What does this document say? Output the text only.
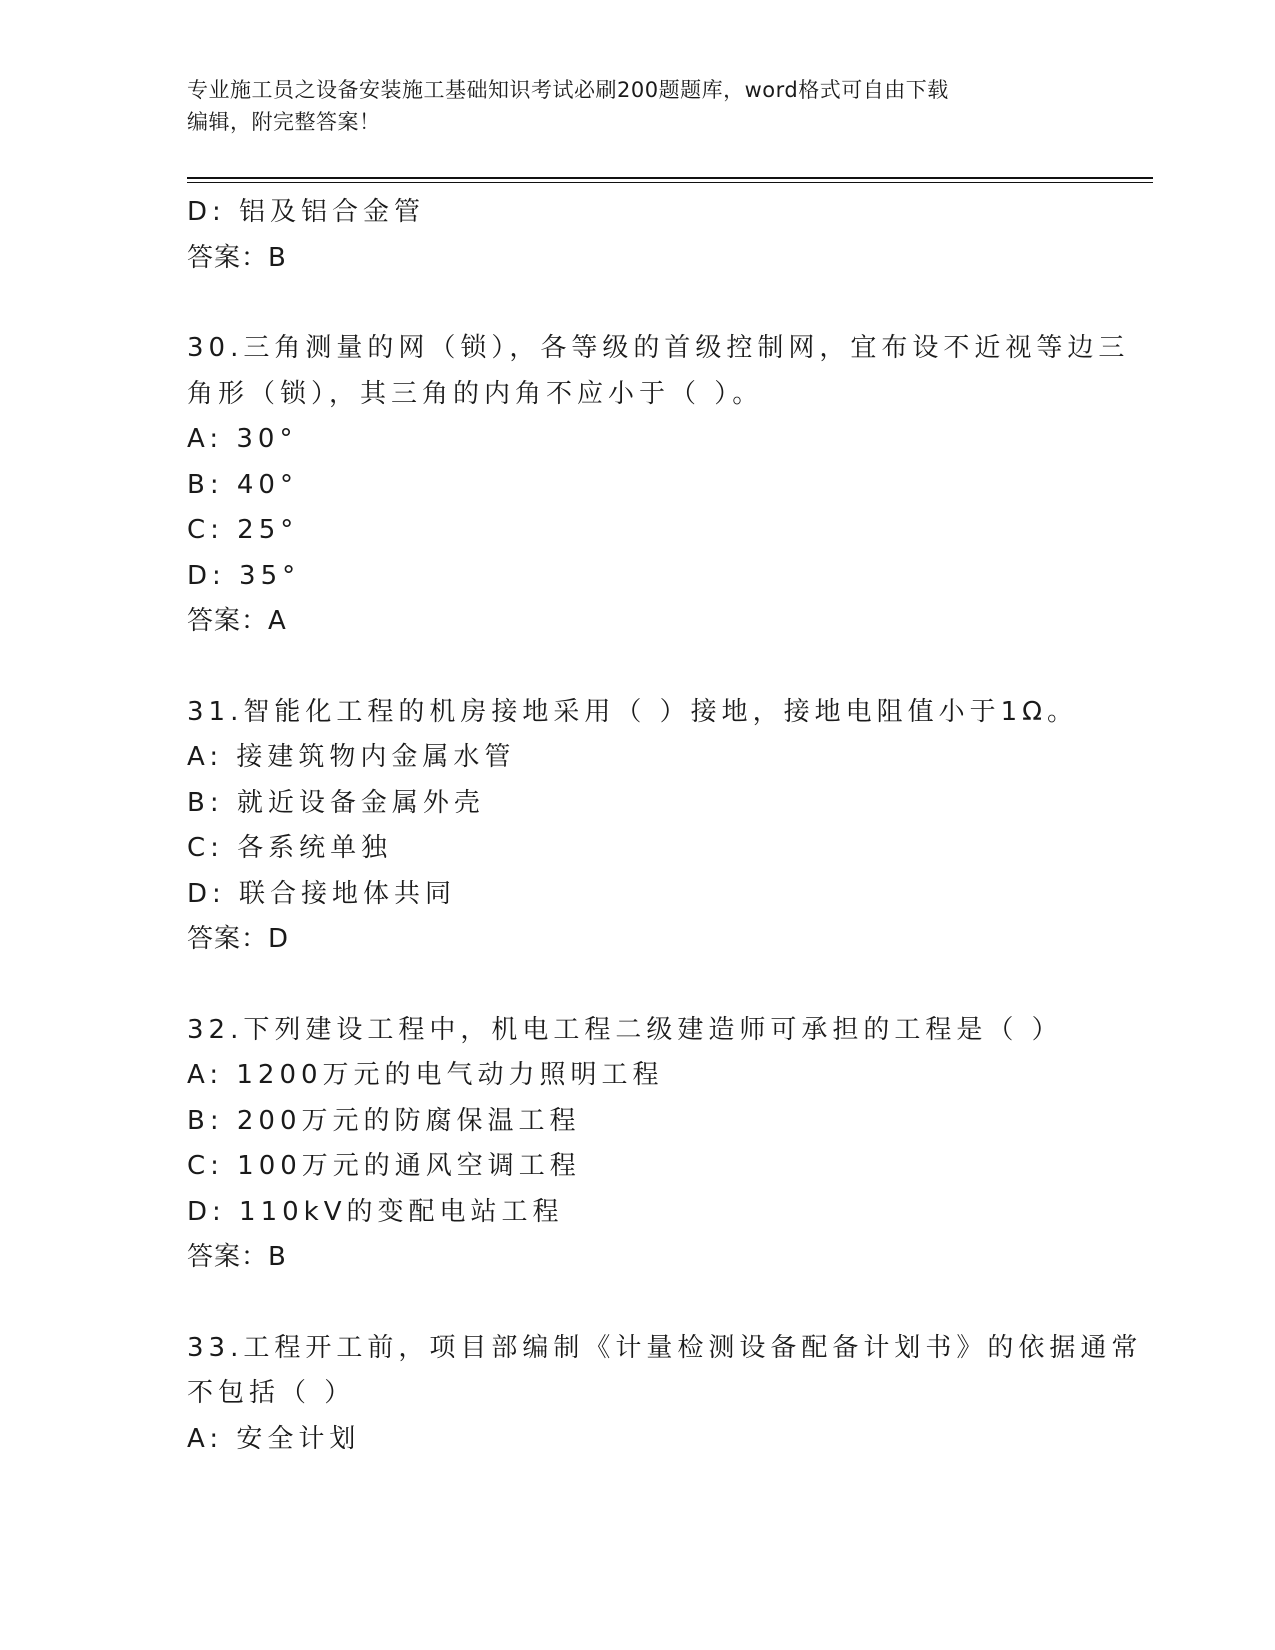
专业施工员之设备安装施工基础知识考试必刷200题题库，word格式可自由下载
编辑，附完整答案！
D: 铝及铝合金管
答案：B
30.三角测量的网（锁），各等级的首级控制网，宜布设不近视等边三
角形（锁），其三角的内角不应小于（ ）。
A: 30°
B: 40°
C: 25°
D: 35°
答案：A
31.智能化工程的机房接地采用（ ）接地，接地电阻值小于1Ω。
A: 接建筑物内金属水管
B: 就近设备金属外壳
C: 各系统单独
D: 联合接地体共同
答案：D
32.下列建设工程中，机电工程二级建造师可承担的工程是（ ）
A: 1200万元的电气动力照明工程
B: 200万元的防腐保温工程
C: 100万元的通风空调工程
D: 110kV的变配电站工程
答案：B
33.工程开工前，项目部编制《计量检测设备配备计划书》的依据通常
不包括（ ）
A: 安全计划
